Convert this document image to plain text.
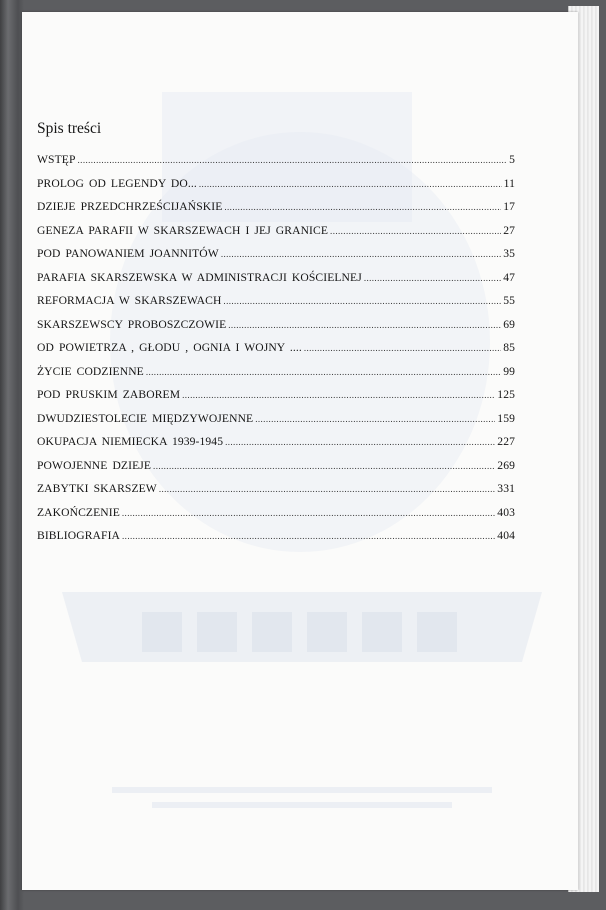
Spis treści
WSTĘP .....	5
PROLOG OD LEGENDY DO... .....	11
DZIEJE PRZEDCHRZEŚCIJAŃSKIE .....	17
GENEZA PARAFII W SKARSZEWACH I JEJ GRANICE .....	27
POD PANOWANIEM JOANNITÓW .....	35
PARAFIA SKARSZEWSKA W ADMINISTRACJI KOŚCIELNEJ .....	47
REFORMACJA W SKARSZEWACH .....	55
SKARSZEWSCY PROBOSZCZOWIE .....	69
OD POWIETRZA , GŁODU , OGNIA I WOJNY .... .....	85
ŻYCIE CODZIENNE .....	99
POD PRUSKIM ZABOREM .....	125
DWUDZIESTOLECIE MIĘDZYWOJENNE .....	159
OKUPACJA NIEMIECKA 1939-1945 .....	227
POWOJENNE DZIEJE .....	269
ZABYTKI SKARSZEW .....	331
ZAKOŃCZENIE .....	403
BIBLIOGRAFIA .....	404
